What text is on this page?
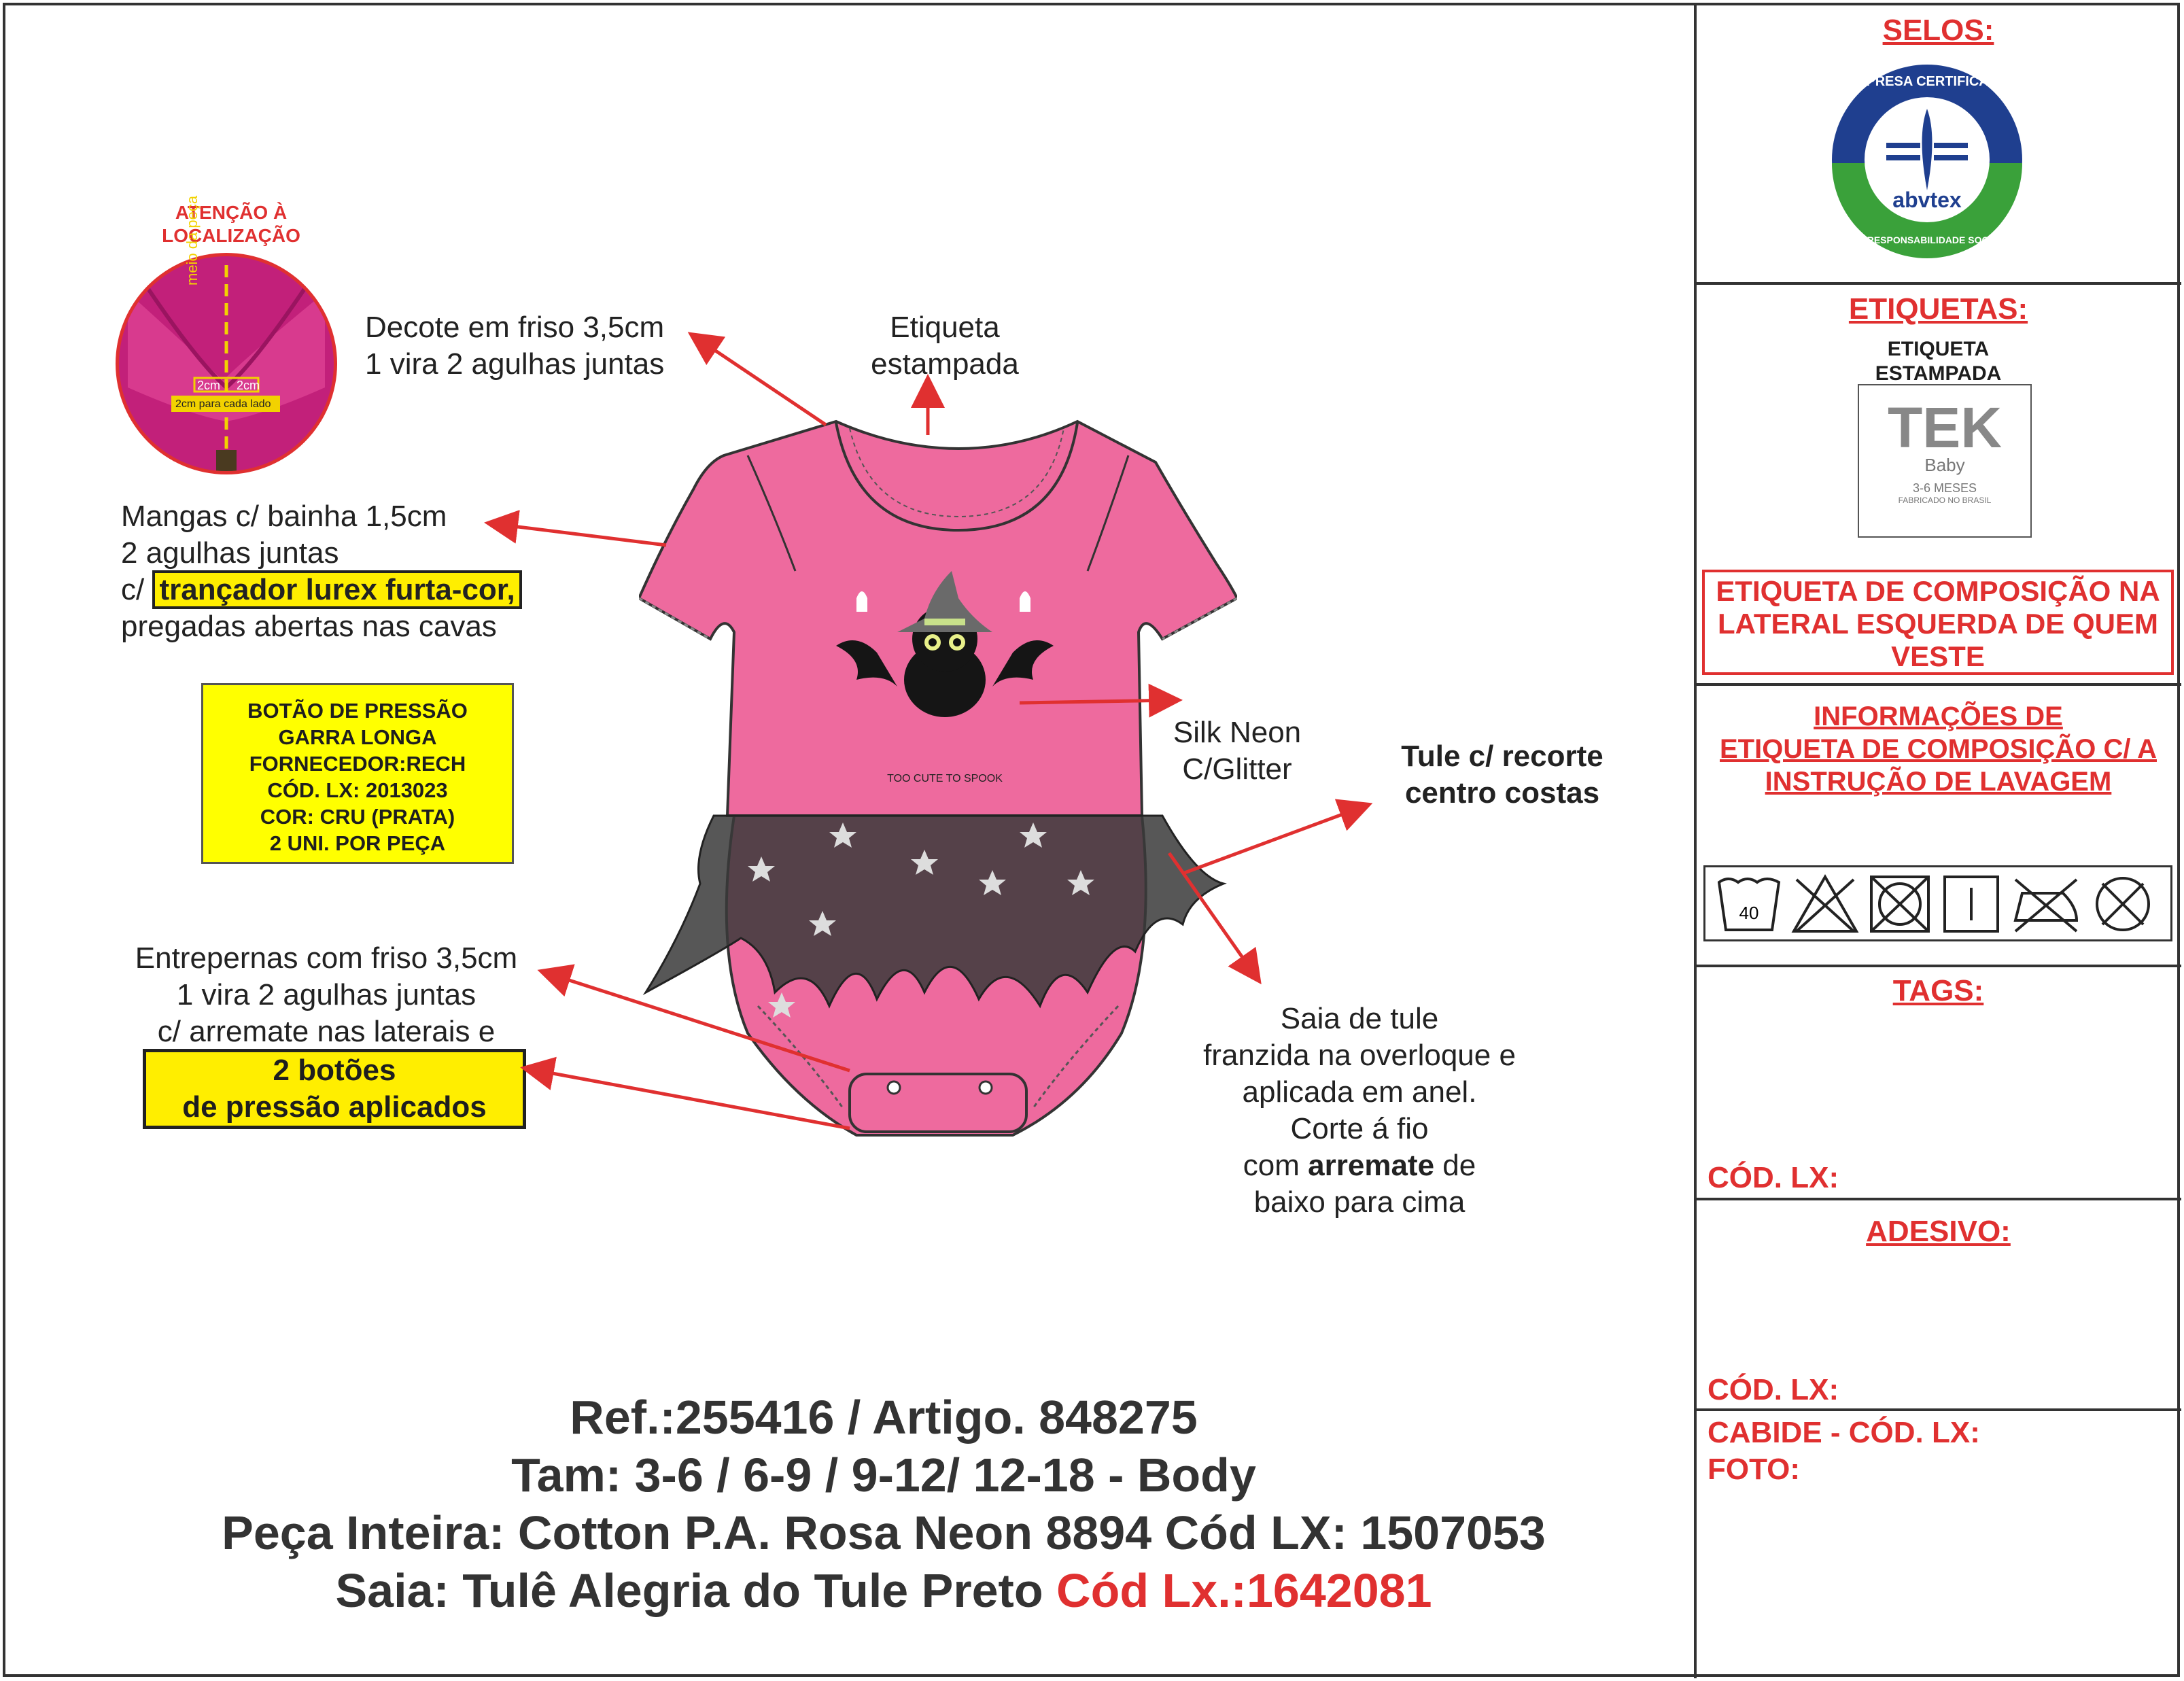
ATENÇÃO À
LOCALIZAÇÃO
meio da peça
2cm 2cm
2cm para cada lado
Decote em friso 3,5cm
1 vira 2 agulhas juntas
Etiqueta
estampada
Mangas c/ bainha 1,5cm
2 agulhas juntas
c/ trançador lurex furta-cor,
pregadas abertas nas cavas
BOTÃO DE PRESSÃO
GARRA LONGA
FORNECEDOR:RECH
CÓD. LX: 2013023
COR: CRU (PRATA)
2 UNI. POR PEÇA
Silk Neon
C/Glitter	Tule c/ recorte
centro costas
Entrepernas com friso 3,5cm
1 vira 2 agulhas juntas
c/ arremate nas laterais e
2 botões
de pressão aplicados
Saia de tule
franzida na overloque e
aplicada em anel.
Corte á fio
com arremate de
baixo para cima
TOO CUTE TO SPOOK
Ref.:255416 / Artigo. 848275
Tam: 3-6 / 6-9 / 9-12/ 12-18 - Body
Peça Inteira: Cotton P.A. Rosa Neon 8894 Cód LX: 1507053
Saia: Tulê Alegria do Tule Preto Cód Lx.:1642081
SELOS:
abvtex
EMPRESA CERTIFICADA
EM RESPONSABILIDADE SOCIAL
ETIQUETAS:
ETIQUETA
ESTAMPADA
TEK
Baby
3-6 MESES
FABRICADO NO BRASIL
ETIQUETA DE COMPOSIÇÃO NA
LATERAL ESQUERDA DE QUEM
VESTE
INFORMAÇÕES DE
ETIQUETA DE COMPOSIÇÃO C/ A
INSTRUÇÃO DE LAVAGEM
40
TAGS:
CÓD. LX:
ADESIVO:
CÓD. LX:
CABIDE - CÓD. LX:
FOTO:
